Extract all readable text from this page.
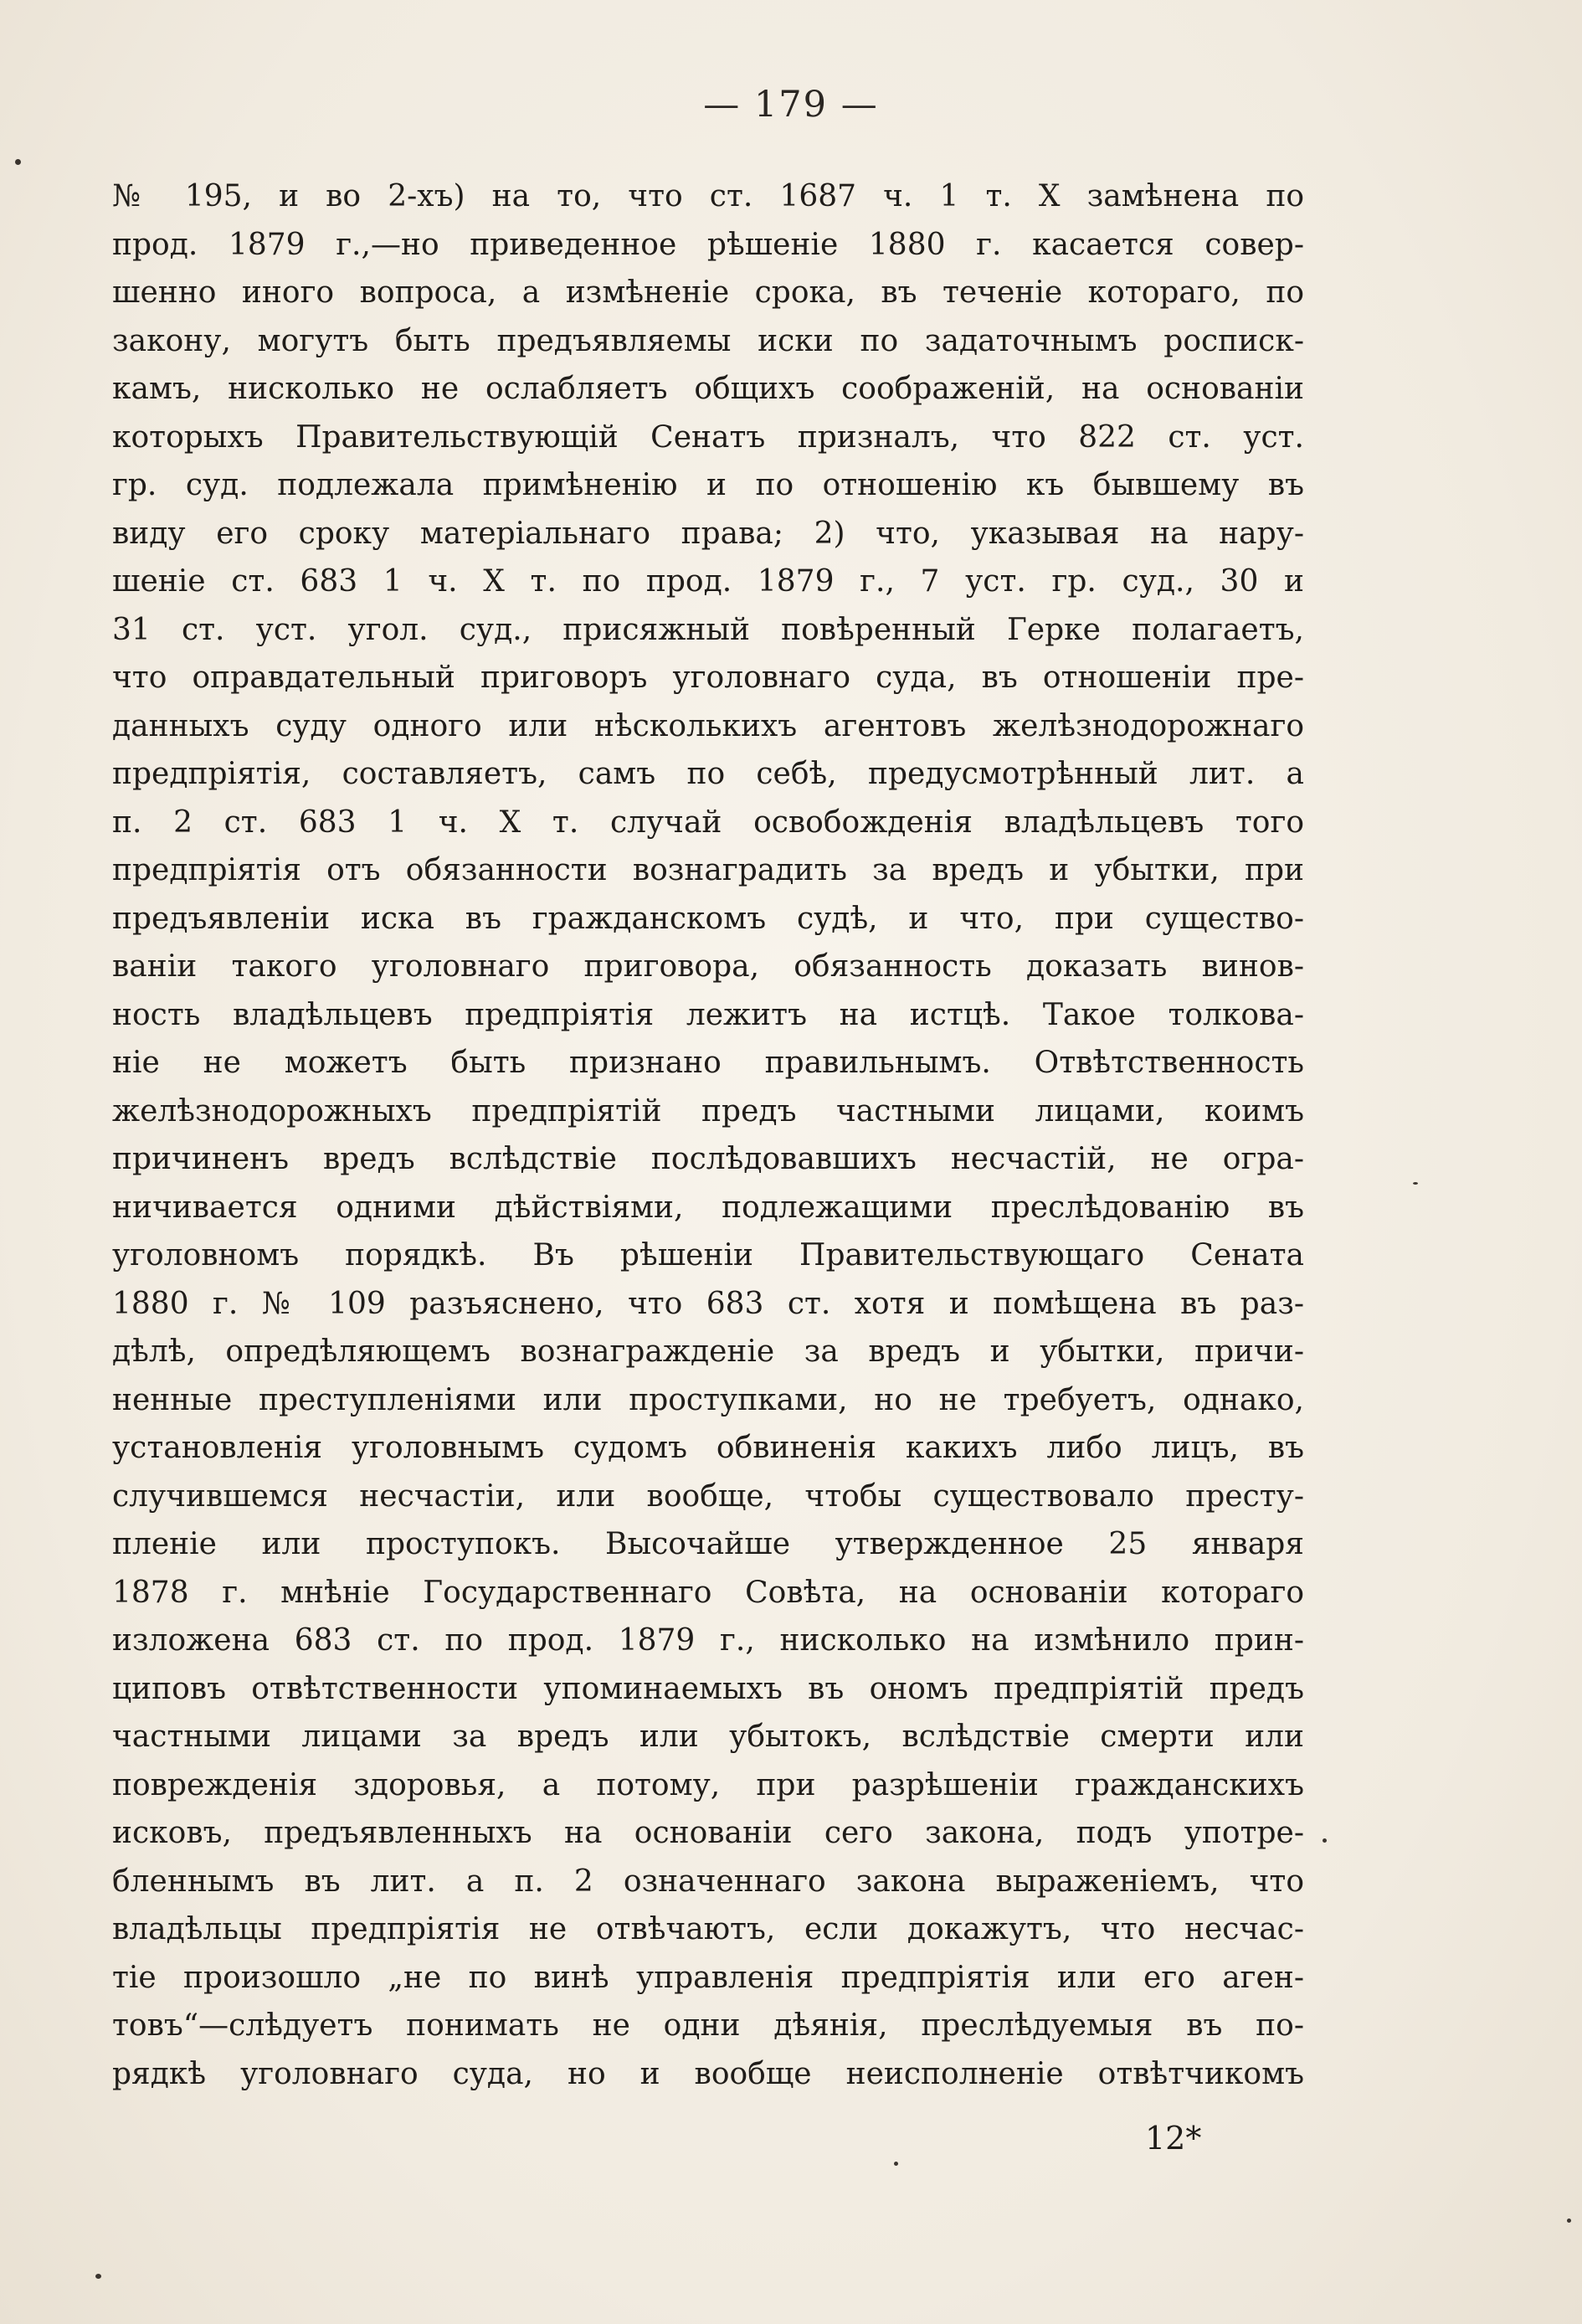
— 179 —
№ 195, и во 2-хъ) на то, что ст. 1687 ч. 1 т. X замѣнена по
прод. 1879 г.,—но приведенное рѣшеніе 1880 г. касается совер-
шенно иного вопроса, а измѣненіе срока, въ теченіе котораго, по
закону, могутъ быть предъявляемы иски по задаточнымъ росписк-
камъ, нисколько не ослабляетъ общихъ соображеній, на основаніи
которыхъ Правительствующій Сенатъ призналъ, что 822 ст. уст.
гр. суд. подлежала примѣненію и по отношенію къ бывшему въ
виду его сроку матеріальнаго права; 2) что, указывая на нару-
шеніе ст. 683 1 ч. X т. по прод. 1879 г., 7 уст. гр. суд., 30 и
31 ст. уст. угол. суд., присяжный повѣренный Герке полагаетъ,
что оправдательный приговоръ уголовнаго суда, въ отношеніи пре-
данныхъ суду одного или нѣсколькихъ агентовъ желѣзнодорожнаго
предпріятія, составляетъ, самъ по себѣ, предусмотрѣнный лит. а
п. 2 ст. 683 1 ч. X т. случай освобожденія владѣльцевъ того
предпріятія отъ обязанности вознаградить за вредъ и убытки, при
предъявленіи иска въ гражданскомъ судѣ, и что, при существо-
ваніи такого уголовнаго приговора, обязанность доказать винов-
ность владѣльцевъ предпріятія лежитъ на истцѣ. Такое толкова-
ніе не можетъ быть признано правильнымъ. Отвѣтственность
желѣзнодорожныхъ предпріятій предъ частными лицами, коимъ
причиненъ вредъ вслѣдствіе послѣдовавшихъ несчастій, не огра-
ничивается одними дѣйствіями, подлежащими преслѣдованію въ
уголовномъ порядкѣ. Въ рѣшеніи Правительствующаго Сената
1880 г. № 109 разъяснено, что 683 ст. хотя и помѣщена въ раз-
дѣлѣ, опредѣляющемъ вознагражденіе за вредъ и убытки, причи-
ненные преступленіями или проступками, но не требуетъ, однако,
установленія уголовнымъ судомъ обвиненія какихъ либо лицъ, въ
случившемся несчастіи, или вообще, чтобы существовало престу-
пленіе или проступокъ. Высочайше утвержденное 25 января
1878 г. мнѣніе Государственнаго Совѣта, на основаніи котораго
изложена 683 ст. по прод. 1879 г., нисколько на измѣнило прин-
циповъ отвѣтственности упоминаемыхъ въ ономъ предпріятій предъ
частными лицами за вредъ или убытокъ, вслѣдствіе смерти или
поврежденія здоровья, а потому, при разрѣшеніи гражданскихъ
исковъ, предъявленныхъ на основаніи сего закона, подъ употре-
бленнымъ въ лит. а п. 2 означеннаго закона выраженіемъ, что
владѣльцы предпріятія не отвѣчаютъ, если докажутъ, что несчас-
тіе произошло „не по винѣ управленія предпріятія или его аген-
товъ“—слѣдуетъ понимать не одни дѣянія, преслѣдуемыя въ по-
рядкѣ уголовнаго суда, но и вообще неисполненіе отвѣтчикомъ
12*
